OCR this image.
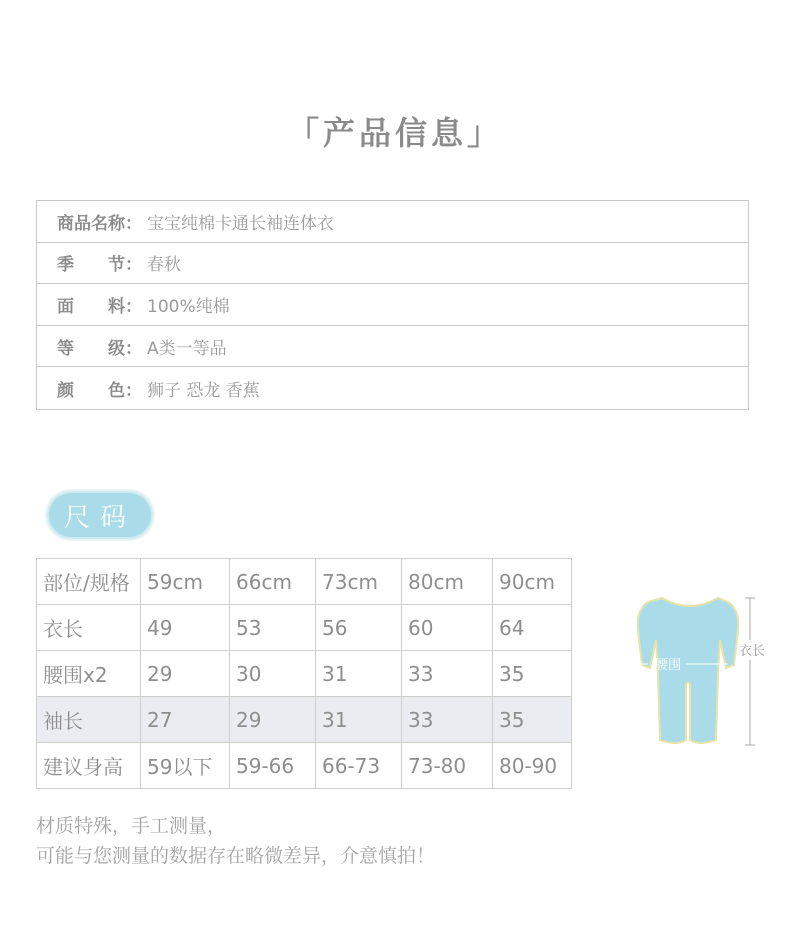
「产品信息」
商品名称： 宝宝纯棉卡通长袖连体衣
季　　节： 春秋
面　　料： 100%纯棉
等　　级： A类一等品
颜　　色： 狮子 恐龙 香蕉
尺码
部位/规格	59cm	66cm	73cm	80cm	90cm
衣长	49	53	56	60	64
腰围x2	29	30	31	33	35
袖长	27	29	31	33	35
建议身高	59以下	59-66	66-73	73-80	80-90
腰围
衣长
材质特殊，手工测量，
可能与您测量的数据存在略微差异，介意慎拍！
